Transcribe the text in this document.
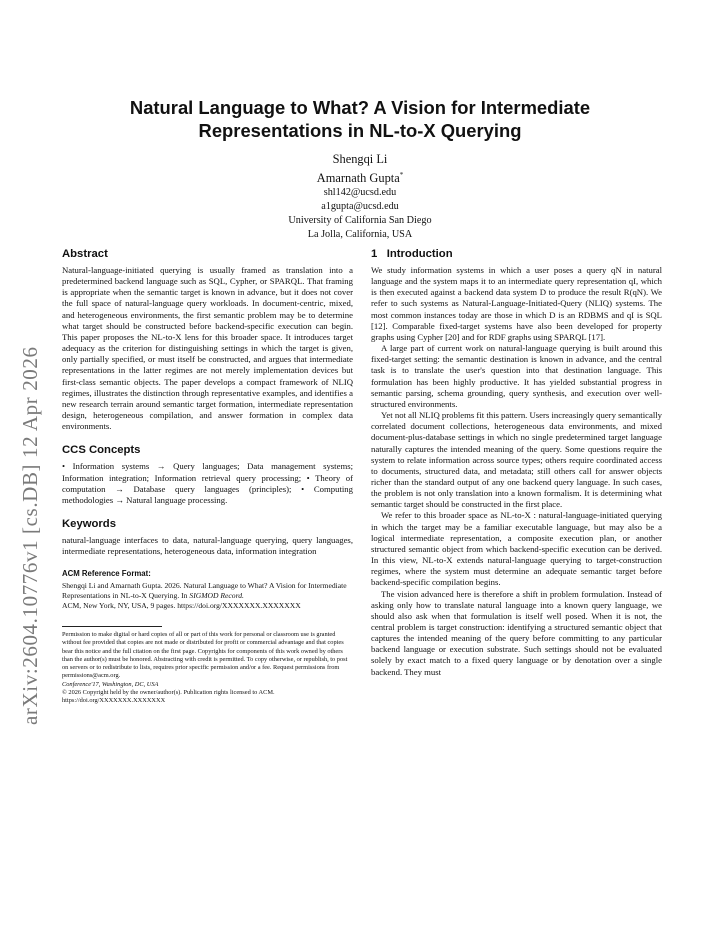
arXiv:2604.10776v1 [cs.DB] 12 Apr 2026
Natural Language to What? A Vision for Intermediate
Representations in NL-to-X Querying
Shengqi Li
Amarnath Gupta*
shl142@ucsd.edu
a1gupta@ucsd.edu
University of California San Diego
La Jolla, California, USA
Abstract

Natural-language-initiated querying is usually framed as translation into a predetermined backend language such as SQL, Cypher, or SPARQL. That framing is appropriate when the semantic target is known in advance, but it does not cover the full space of natural-language query workloads. In document-centric, mixed, and heterogeneous environments, the first semantic problem may be to determine what target should be constructed before backend-specific execution can begin. This paper proposes the NL-to-X lens for this broader space. It introduces target adequacy as the criterion for distinguishing settings in which the target is given, only partially specified, or must itself be constructed, and argues that intermediate representations in the latter regimes are not merely implementation devices but first-class semantic objects. The paper develops a compact framework of NLIQ regimes, illustrates the distinction through representative examples, and identifies a new research terrain around semantic target formation, intermediate representation design, heterogeneous compilation, and answer formation in complex data environments.

CCS Concepts

• Information systems → Query languages; Data management systems; Information integration; Information retrieval query processing; • Theory of computation → Database query languages (principles); • Computing methodologies → Natural language processing.

Keywords

natural-language interfaces to data, natural-language querying, query languages, intermediate representations, heterogeneous data, information integration

ACM Reference Format:

Shengqi Li and Amarnath Gupta. 2026. Natural Language to What? A Vision for Intermediate Representations in NL-to-X Querying. In SIGMOD Record.
ACM, New York, NY, USA, 9 pages. https://doi.org/XXXXXXX.XXXXXXX

Permission to make digital or hard copies of all or part of this work for personal or classroom use is granted without fee provided that copies are not made or distributed for profit or commercial advantage and that copies bear this notice and the full citation on the first page. Copyrights for components of this work owned by others than the author(s) must be honored. Abstracting with credit is permitted. To copy otherwise, or republish, to post on servers or to redistribute to lists, requires prior specific permission and/or a fee. Request permissions from permissions@acm.org.

Conference'17, Washington, DC, USA

© 2026 Copyright held by the owner/author(s). Publication rights licensed to ACM.

https://doi.org/XXXXXXX.XXXXXXX

1 Introduction

We study information systems in which a user poses a query qN in natural language and the system maps it to an intermediate query representation qI, which is then executed against a backend data system D to produce the result R(qN). We refer to such systems as Natural-Language-Initiated-Query (NLIQ) systems. The most common instances today are those in which D is an RDBMS and qI is SQL [12]. Comparable fixed-target systems have also been developed for property graphs using Cypher [20] and for RDF graphs using SPARQL [17].

A large part of current work on natural-language querying is built around this fixed-target setting: the semantic destination is known in advance, and the central task is to translate the user's question into that destination language. This formulation has been highly productive. It has yielded substantial progress in semantic parsing, schema grounding, query synthesis, and execution over well-structured environments.

Yet not all NLIQ problems fit this pattern. Users increasingly query semantically correlated document collections, heterogeneous data environments, and mixed document-plus-database settings in which no single predetermined target language naturally captures the intended meaning of the query. Some questions require the system to relate information across source types; others require coordinated access to documents, structured data, and metadata; still others call for answer objects richer than the standard output of any one backend query language. In such cases, the problem is not only translation into a known formalism. It is determining what semantic target should be constructed in the first place.

We refer to this broader space as NL-to-X : natural-language-initiated querying in which the target may be a familiar executable language, but may also be a logical intermediate representation, a composite execution plan, or another structured semantic object from which backend-specific execution can be derived. In this view, NL-to-X extends natural-language querying to target-construction regimes, where the system must determine an adequate semantic target before backend-specific compilation begins.

The vision advanced here is therefore a shift in problem formulation. Instead of asking only how to translate natural language into a known query language, we should also ask when that formulation is itself well posed. When it is not, the central problem is target construction: identifying a structured semantic object that captures the intended meaning of the query before committing to any particular backend language or execution substrate. Such settings should not be evaluated solely by exact match to a fixed query language or by denotation over a single backend. They must
